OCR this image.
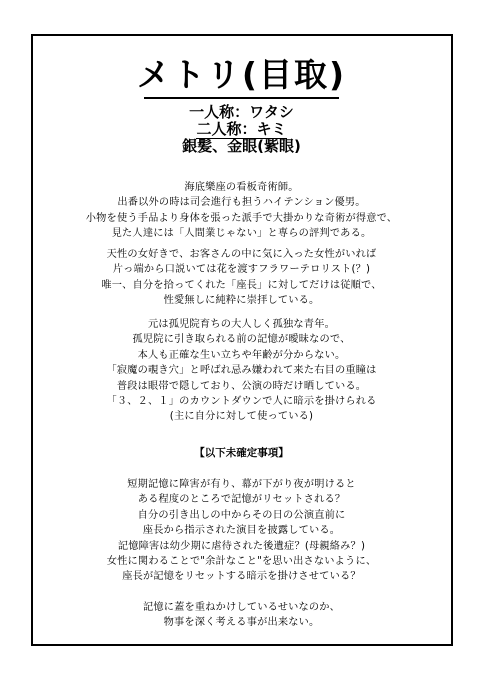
メトリ(目取)
一人称：ワタシ
二人称：キミ
銀髪、金眼(紫眼)
海底樂座の看板奇術師。
出番以外の時は司会進行も担うハイテンション優男。
小物を使う手品より身体を張った派手で大掛かりな奇術が得意で、
見た人達には「人間業じゃない」と専らの評判である。
天性の女好きで、お客さんの中に気に入った女性がいれば
片っ端から口説いては花を渡すフラワーテロリスト(？)
唯一、自分を拾ってくれた「座長」に対してだけは従順で、
性愛無しに純粋に崇拝している。
元は孤児院育ちの大人しく孤独な青年。
孤児院に引き取られる前の記憶が曖昧なので、
本人も正確な生い立ちや年齢が分からない。
「寂魔の覗き穴」と呼ばれ忌み嫌われて来た右目の重瞳は
普段は眼帯で隠しており、公演の時だけ晒している。
「３、２、１」のカウントダウンで人に暗示を掛けられる
(主に自分に対して使っている)
【以下未確定事項】
短期記憶に障害が有り、幕が下がり夜が明けると
ある程度のところで記憶がリセットされる？
自分の引き出しの中からその日の公演直前に
座長から指示された演目を披露している。
記憶障害は幼少期に虐待された後遺症？(母親絡み？)
女性に関わることで"余計なこと"を思い出さないように、
座長が記憶をリセットする暗示を掛けさせている？
記憶に蓋を重ねかけしているせいなのか、
物事を深く考える事が出来ない。
